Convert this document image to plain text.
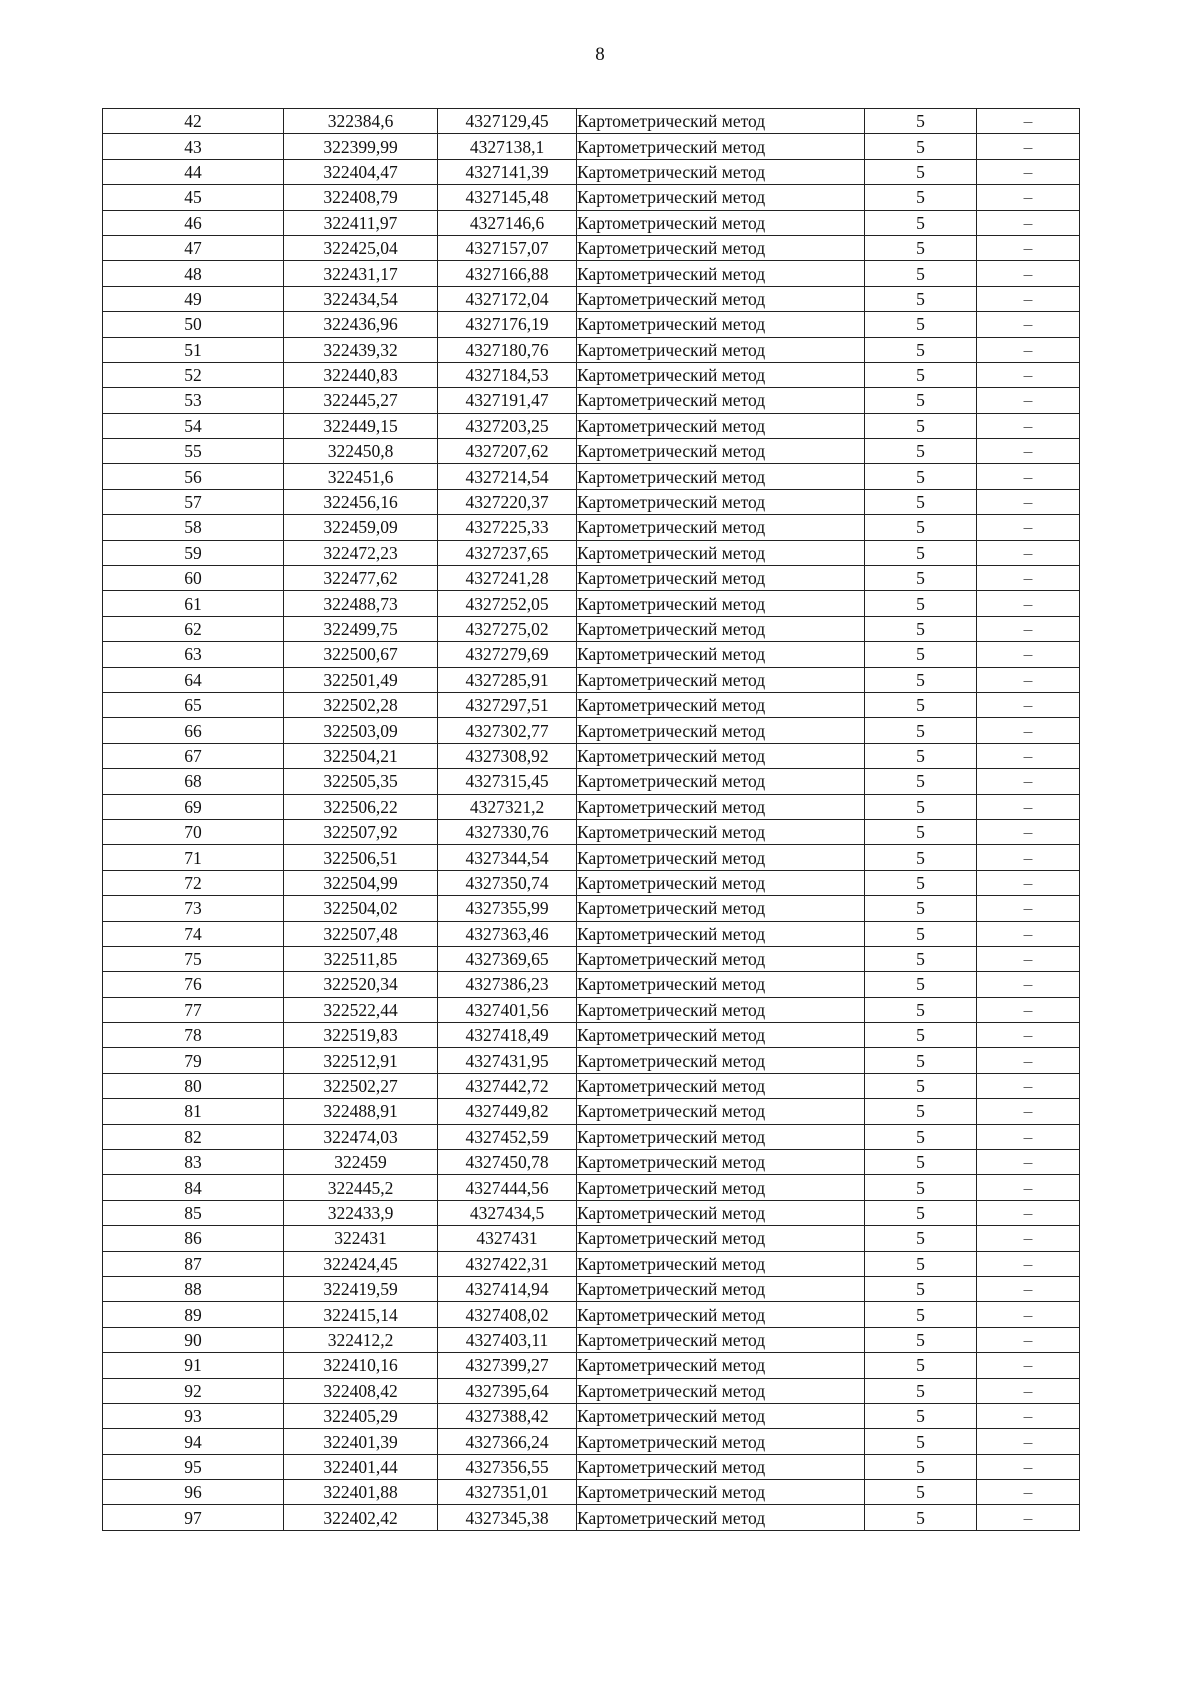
8
42	322384,6	4327129,45	Картометрический метод	5	–
43	322399,99	4327138,1	Картометрический метод	5	–
44	322404,47	4327141,39	Картометрический метод	5	–
45	322408,79	4327145,48	Картометрический метод	5	–
46	322411,97	4327146,6	Картометрический метод	5	–
47	322425,04	4327157,07	Картометрический метод	5	–
48	322431,17	4327166,88	Картометрический метод	5	–
49	322434,54	4327172,04	Картометрический метод	5	–
50	322436,96	4327176,19	Картометрический метод	5	–
51	322439,32	4327180,76	Картометрический метод	5	–
52	322440,83	4327184,53	Картометрический метод	5	–
53	322445,27	4327191,47	Картометрический метод	5	–
54	322449,15	4327203,25	Картометрический метод	5	–
55	322450,8	4327207,62	Картометрический метод	5	–
56	322451,6	4327214,54	Картометрический метод	5	–
57	322456,16	4327220,37	Картометрический метод	5	–
58	322459,09	4327225,33	Картометрический метод	5	–
59	322472,23	4327237,65	Картометрический метод	5	–
60	322477,62	4327241,28	Картометрический метод	5	–
61	322488,73	4327252,05	Картометрический метод	5	–
62	322499,75	4327275,02	Картометрический метод	5	–
63	322500,67	4327279,69	Картометрический метод	5	–
64	322501,49	4327285,91	Картометрический метод	5	–
65	322502,28	4327297,51	Картометрический метод	5	–
66	322503,09	4327302,77	Картометрический метод	5	–
67	322504,21	4327308,92	Картометрический метод	5	–
68	322505,35	4327315,45	Картометрический метод	5	–
69	322506,22	4327321,2	Картометрический метод	5	–
70	322507,92	4327330,76	Картометрический метод	5	–
71	322506,51	4327344,54	Картометрический метод	5	–
72	322504,99	4327350,74	Картометрический метод	5	–
73	322504,02	4327355,99	Картометрический метод	5	–
74	322507,48	4327363,46	Картометрический метод	5	–
75	322511,85	4327369,65	Картометрический метод	5	–
76	322520,34	4327386,23	Картометрический метод	5	–
77	322522,44	4327401,56	Картометрический метод	5	–
78	322519,83	4327418,49	Картометрический метод	5	–
79	322512,91	4327431,95	Картометрический метод	5	–
80	322502,27	4327442,72	Картометрический метод	5	–
81	322488,91	4327449,82	Картометрический метод	5	–
82	322474,03	4327452,59	Картометрический метод	5	–
83	322459	4327450,78	Картометрический метод	5	–
84	322445,2	4327444,56	Картометрический метод	5	–
85	322433,9	4327434,5	Картометрический метод	5	–
86	322431	4327431	Картометрический метод	5	–
87	322424,45	4327422,31	Картометрический метод	5	–
88	322419,59	4327414,94	Картометрический метод	5	–
89	322415,14	4327408,02	Картометрический метод	5	–
90	322412,2	4327403,11	Картометрический метод	5	–
91	322410,16	4327399,27	Картометрический метод	5	–
92	322408,42	4327395,64	Картометрический метод	5	–
93	322405,29	4327388,42	Картометрический метод	5	–
94	322401,39	4327366,24	Картометрический метод	5	–
95	322401,44	4327356,55	Картометрический метод	5	–
96	322401,88	4327351,01	Картометрический метод	5	–
97	322402,42	4327345,38	Картометрический метод	5	–
